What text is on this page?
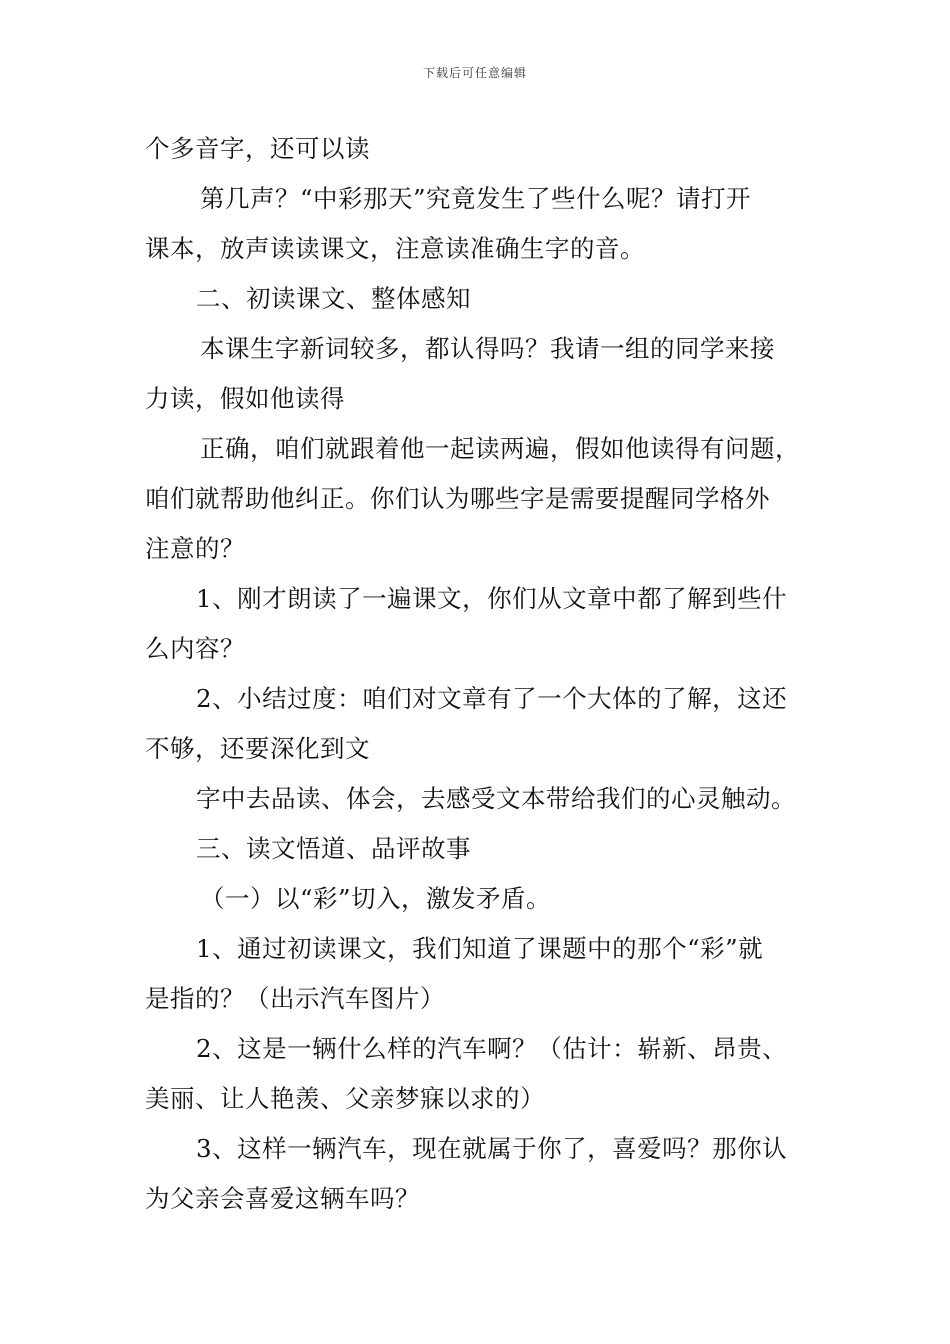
下载后可任意编辑
个多音字，还可以读
第几声？“中彩那天”究竟发生了些什么呢？请打开
课本，放声读读课文，注意读准确生字的音。
二、初读课文、整体感知
本课生字新词较多，都认得吗？我请一组的同学来接
力读，假如他读得
正确，咱们就跟着他一起读两遍，假如他读得有问题，
咱们就帮助他纠正。你们认为哪些字是需要提醒同学格外
注意的？
1、刚才朗读了一遍课文，你们从文章中都了解到些什
么内容？
2、小结过度：咱们对文章有了一个大体的了解，这还
不够，还要深化到文
字中去品读、体会，去感受文本带给我们的心灵触动。
三、读文悟道、品评故事
（一）以“彩”切入，激发矛盾。
1、通过初读课文，我们知道了课题中的那个“彩”就
是指的？（出示汽车图片）
2、这是一辆什么样的汽车啊？（估计：崭新、昂贵、
美丽、让人艳羡、父亲梦寐以求的）
3、这样一辆汽车，现在就属于你了，喜爱吗？那你认
为父亲会喜爱这辆车吗？
